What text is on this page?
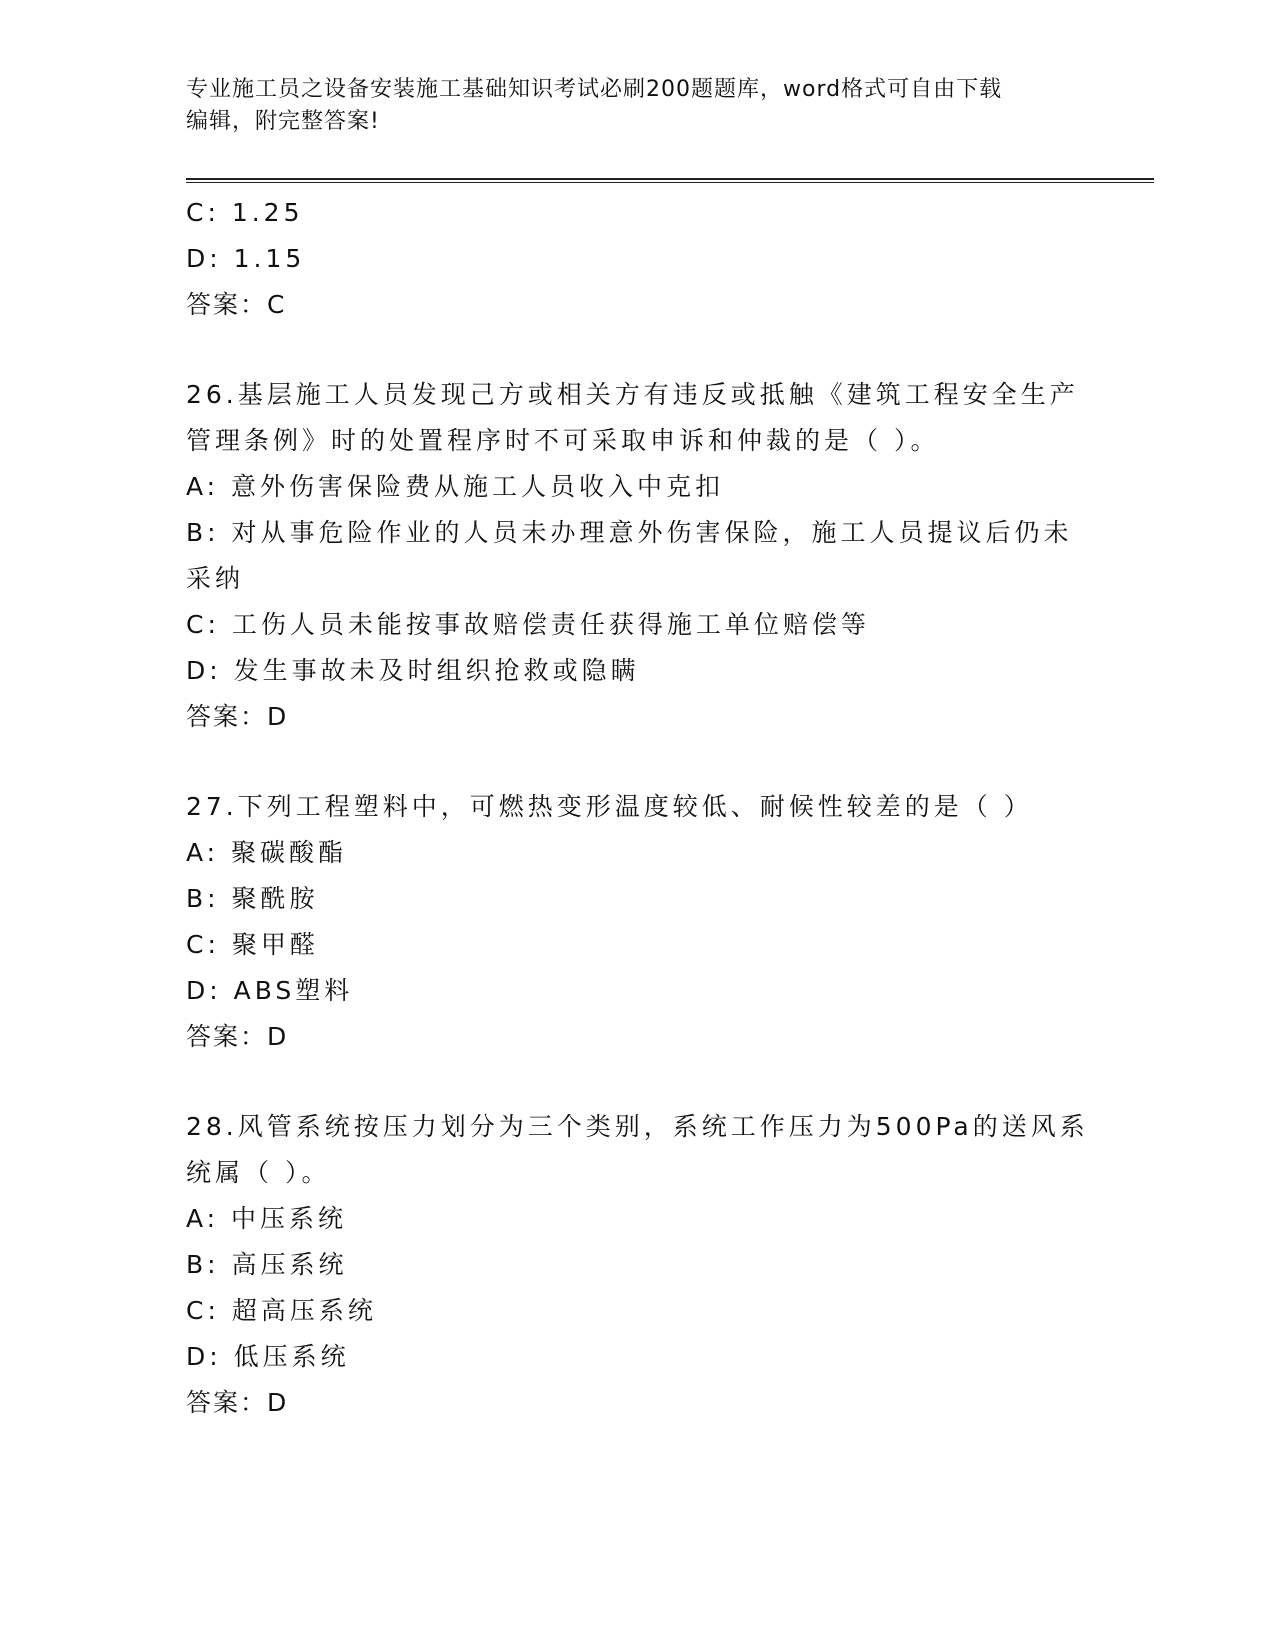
专业施工员之设备安装施工基础知识考试必刷200题题库，word格式可自由下载
编辑，附完整答案!
C: 1.25
D: 1.15
答案：C
26.基层施工人员发现己方或相关方有违反或抵触《建筑工程安全生产
管理条例》时的处置程序时不可采取申诉和仲裁的是（ ）。
A: 意外伤害保险费从施工人员收入中克扣
B: 对从事危险作业的人员未办理意外伤害保险，施工人员提议后仍未
采纳
C: 工伤人员未能按事故赔偿责任获得施工单位赔偿等
D: 发生事故未及时组织抢救或隐瞒
答案：D
27.下列工程塑料中，可燃热变形温度较低、耐候性较差的是（ ）
A: 聚碳酸酯
B: 聚酰胺
C: 聚甲醛
D: ABS塑料
答案：D
28.风管系统按压力划分为三个类别，系统工作压力为500Pa的送风系
统属（ ）。
A: 中压系统
B: 高压系统
C: 超高压系统
D: 低压系统
答案：D
